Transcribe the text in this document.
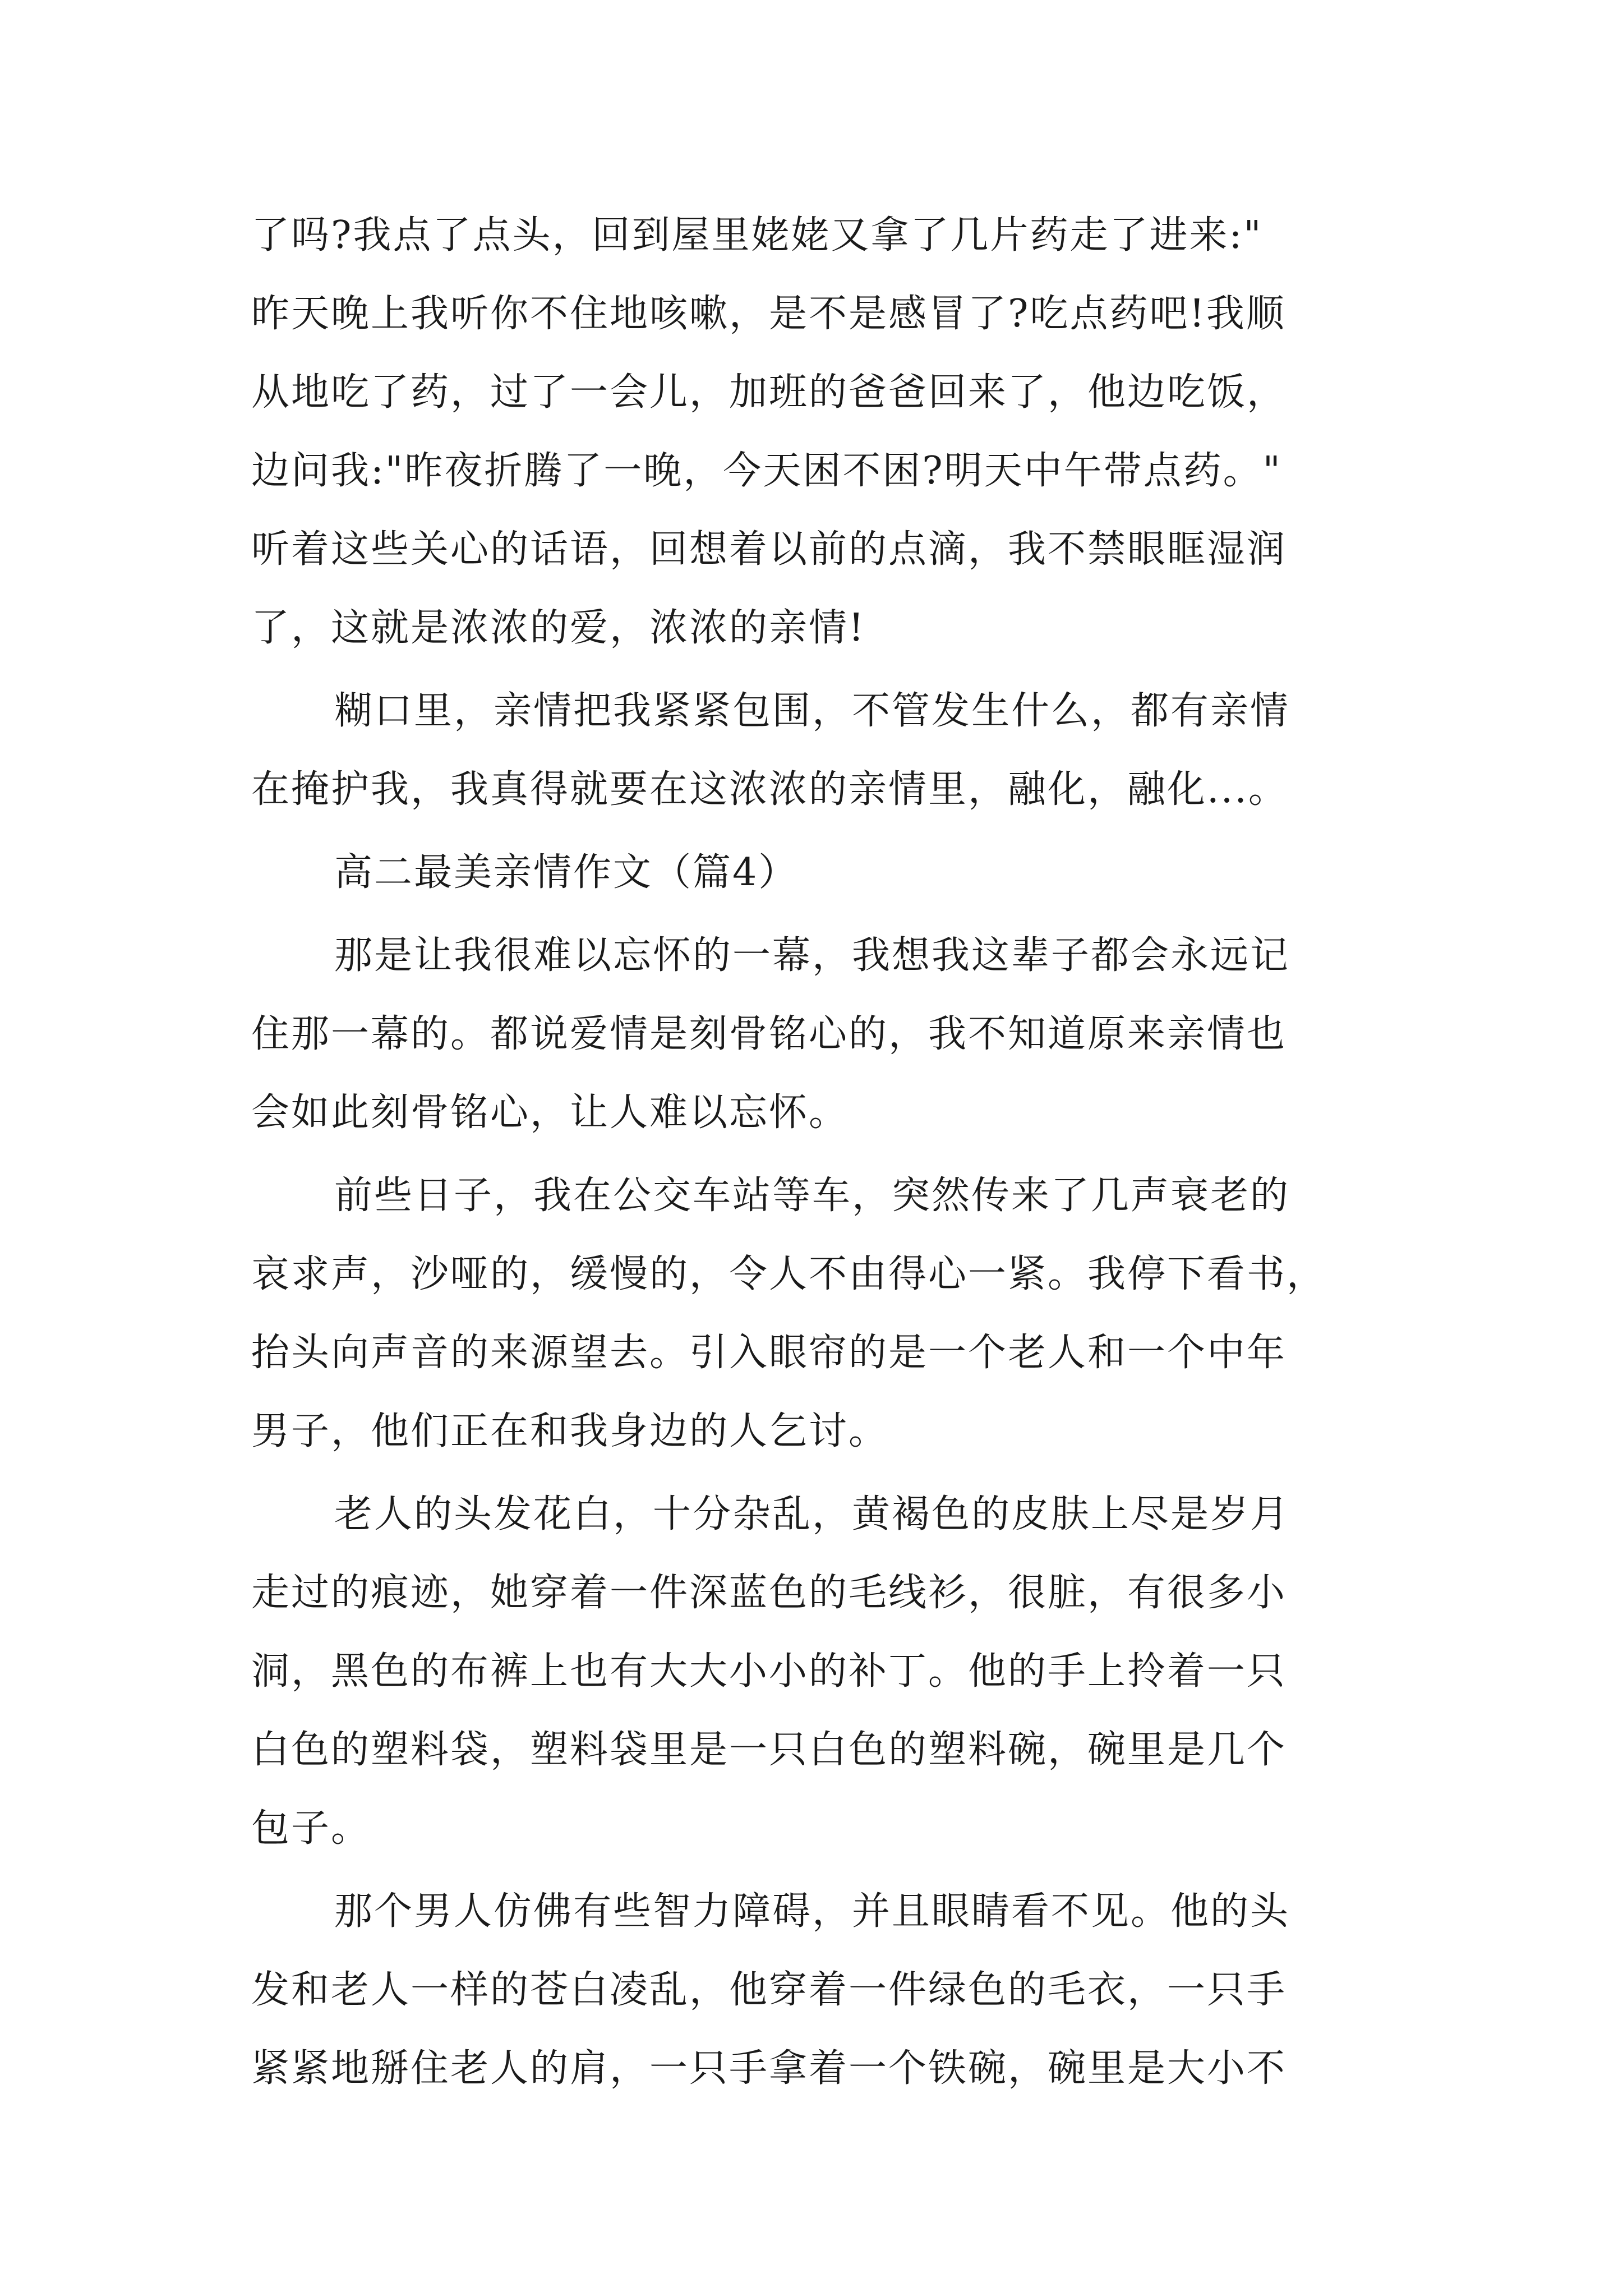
了吗?我点了点头，回到屋里姥姥又拿了几片药走了进来:"
昨天晚上我听你不住地咳嗽，是不是感冒了?吃点药吧!我顺
从地吃了药，过了一会儿，加班的爸爸回来了，他边吃饭，
边问我:"昨夜折腾了一晚，今天困不困?明天中午带点药。"
听着这些关心的话语，回想着以前的点滴，我不禁眼眶湿润
了，这就是浓浓的爱，浓浓的亲情!
糊口里，亲情把我紧紧包围，不管发生什么，都有亲情
在掩护我，我真得就要在这浓浓的亲情里，融化，融化...。
高二最美亲情作文（篇4）
那是让我很难以忘怀的一幕，我想我这辈子都会永远记
住那一幕的。都说爱情是刻骨铭心的，我不知道原来亲情也
会如此刻骨铭心，让人难以忘怀。
前些日子，我在公交车站等车，突然传来了几声衰老的
哀求声，沙哑的，缓慢的，令人不由得心一紧。我停下看书，
抬头向声音的来源望去。引入眼帘的是一个老人和一个中年
男子，他们正在和我身边的人乞讨。
老人的头发花白，十分杂乱，黄褐色的皮肤上尽是岁月
走过的痕迹，她穿着一件深蓝色的毛线衫，很脏，有很多小
洞，黑色的布裤上也有大大小小的补丁。他的手上拎着一只
白色的塑料袋，塑料袋里是一只白色的塑料碗，碗里是几个
包子。
那个男人仿佛有些智力障碍，并且眼睛看不见。他的头
发和老人一样的苍白凌乱，他穿着一件绿色的毛衣，一只手
紧紧地掰住老人的肩，一只手拿着一个铁碗，碗里是大小不
